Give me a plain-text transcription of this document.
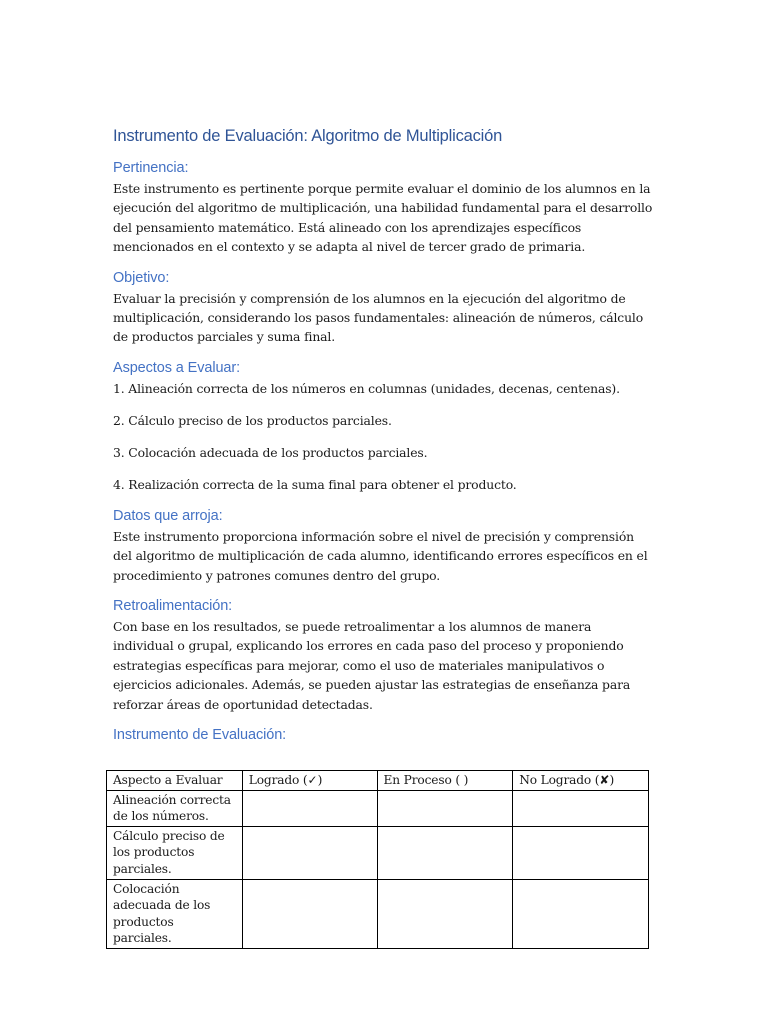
Instrumento de Evaluación: Algoritmo de Multiplicación
Pertinencia:
Este instrumento es pertinente porque permite evaluar el dominio de los alumnos en la ejecución del algoritmo de multiplicación, una habilidad fundamental para el desarrollo del pensamiento matemático. Está alineado con los aprendizajes específicos mencionados en el contexto y se adapta al nivel de tercer grado de primaria.
Objetivo:
Evaluar la precisión y comprensión de los alumnos en la ejecución del algoritmo de multiplicación, considerando los pasos fundamentales: alineación de números, cálculo de productos parciales y suma final.
Aspectos a Evaluar:
1. Alineación correcta de los números en columnas (unidades, decenas, centenas).
2. Cálculo preciso de los productos parciales.
3. Colocación adecuada de los productos parciales.
4. Realización correcta de la suma final para obtener el producto.
Datos que arroja:
Este instrumento proporciona información sobre el nivel de precisión y comprensión del algoritmo de multiplicación de cada alumno, identificando errores específicos en el procedimiento y patrones comunes dentro del grupo.
Retroalimentación:
Con base en los resultados, se puede retroalimentar a los alumnos de manera individual o grupal, explicando los errores en cada paso del proceso y proponiendo estrategias específicas para mejorar, como el uso de materiales manipulativos o ejercicios adicionales. Además, se pueden ajustar las estrategias de enseñanza para reforzar áreas de oportunidad detectadas.
Instrumento de Evaluación:
Aspecto a Evaluar	Logrado (✓)	En Proceso ( )	No Logrado (✘)
Alineación correcta de los números.			
Cálculo preciso de los productos parciales.			
Colocación adecuada de los productos parciales.			
